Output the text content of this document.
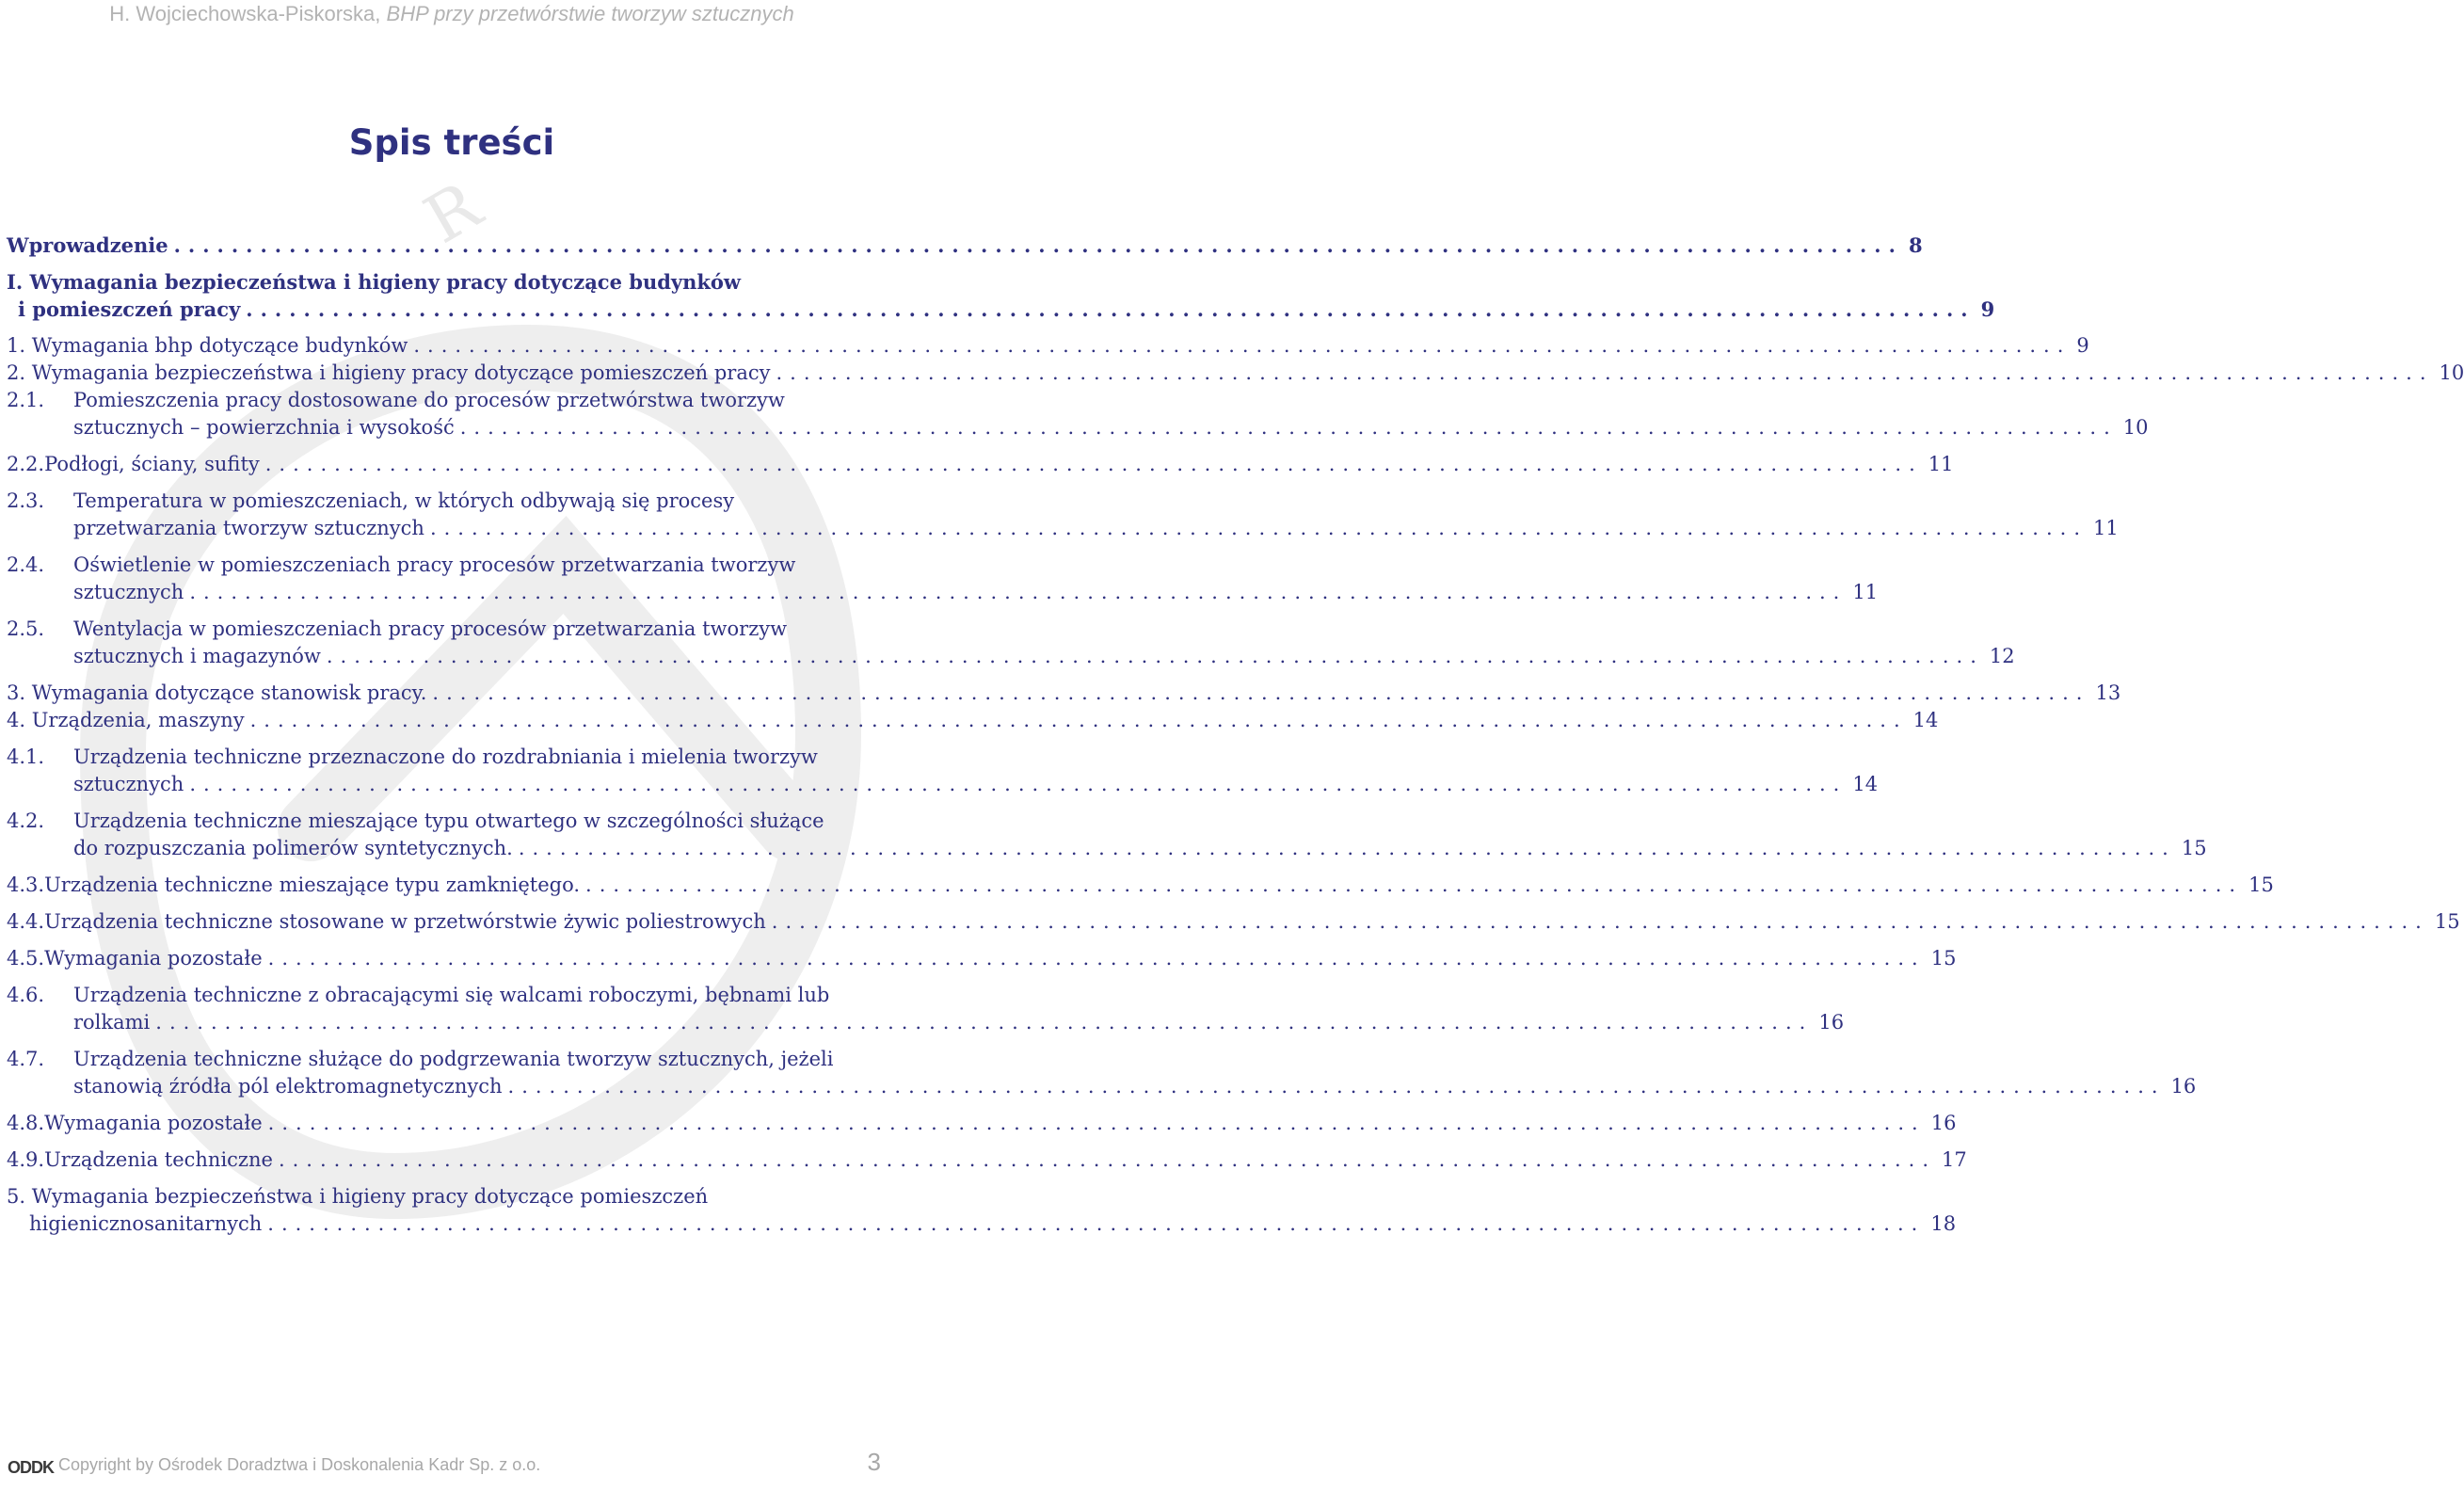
H. Wojciechowska-Piskorska, BHP przy przetwórstwie tworzyw sztucznych
R
Spis treści
Wprowadzenie ........................................................................................................................ 8
I. Wymagania bezpieczeństwa i higieny pracy dotyczące budynków
i pomieszczeń pracy ........................................................................................................................ 9
1. Wymagania bhp dotyczące budynków ........................................................................................................................ 9
2. Wymagania bezpieczeństwa i higieny pracy dotyczące pomieszczeń pracy ........................................................................................................................ 10
2.1. Pomieszczenia pracy dostosowane do procesów przetwórstwa tworzyw
sztucznych – powierzchnia i wysokość ........................................................................................................................ 10
2.2. Podłogi, ściany, sufity ........................................................................................................................ 11
2.3. Temperatura w pomieszczeniach, w których odbywają się procesy
przetwarzania tworzyw sztucznych ........................................................................................................................ 11
2.4. Oświetlenie w pomieszczeniach pracy procesów przetwarzania tworzyw
sztucznych ........................................................................................................................ 11
2.5. Wentylacja w pomieszczeniach pracy procesów przetwarzania tworzyw
sztucznych i magazynów ........................................................................................................................ 12
3. Wymagania dotyczące stanowisk pracy. ........................................................................................................................ 13
4. Urządzenia, maszyny ........................................................................................................................ 14
4.1. Urządzenia techniczne przeznaczone do rozdrabniania i mielenia tworzyw
sztucznych ........................................................................................................................ 14
4.2. Urządzenia techniczne mieszające typu otwartego w szczególności służące
do rozpuszczania polimerów syntetycznych. ........................................................................................................................ 15
4.3. Urządzenia techniczne mieszające typu zamkniętego. ........................................................................................................................ 15
4.4. Urządzenia techniczne stosowane w przetwórstwie żywic poliestrowych ........................................................................................................................ 15
4.5. Wymagania pozostałe ........................................................................................................................ 15
4.6. Urządzenia techniczne z obracającymi się walcami roboczymi, bębnami lub
rolkami ........................................................................................................................ 16
4.7. Urządzenia techniczne służące do podgrzewania tworzyw sztucznych, jeżeli
stanowią źródła pól elektromagnetycznych ........................................................................................................................ 16
4.8. Wymagania pozostałe ........................................................................................................................ 16
4.9. Urządzenia techniczne ........................................................................................................................ 17
5. Wymagania bezpieczeństwa i higieny pracy dotyczące pomieszczeń
higienicznosanitarnych ........................................................................................................................ 18
ODDK Copyright by Ośrodek Doradztwa i Doskonalenia Kadr Sp. z o.o.	3
